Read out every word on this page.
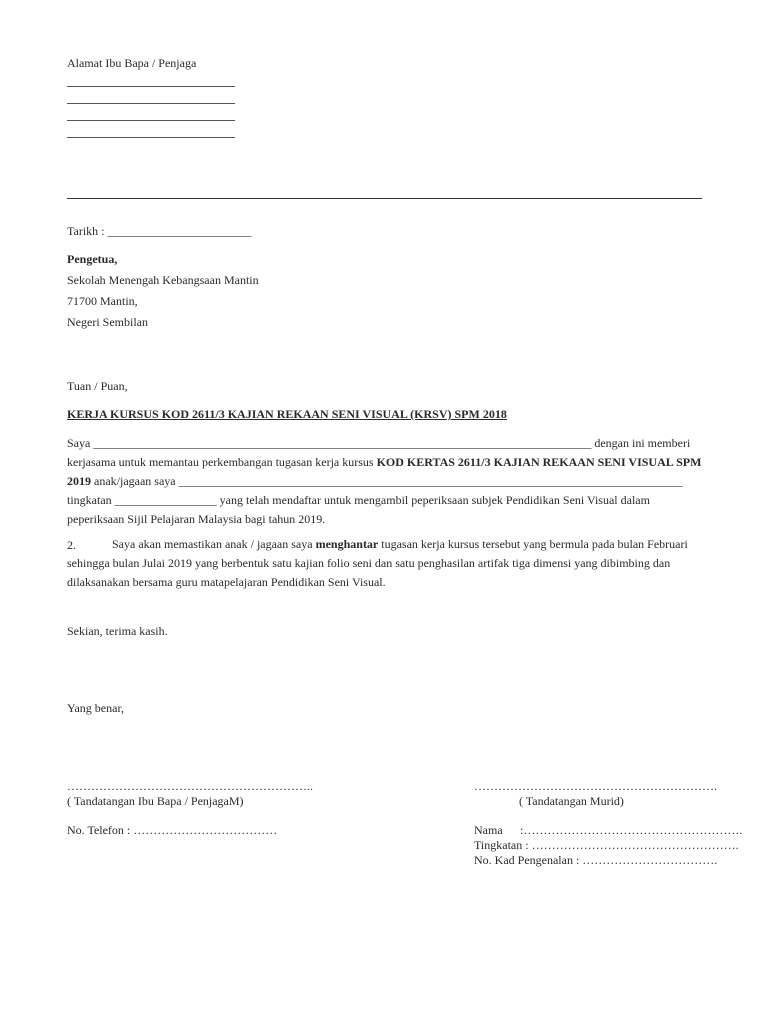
Alamat Ibu Bapa / Penjaga
Tarikh : ________________________
Pengetua,
Sekolah Menengah Kebangsaan Mantin
71700 Mantin,
Negeri Sembilan
Tuan / Puan,
KERJA KURSUS KOD 2611/3 KAJIAN REKAAN SENI VISUAL (KRSV) SPM 2018
Saya ___________________________________________________________________________________ dengan ini memberi kerjasama untuk memantau perkembangan tugasan kerja kursus KOD KERTAS 2611/3 KAJIAN REKAAN SENI VISUAL SPM 2019 anak/jagaan saya ____________________________________________________________________________________ tingkatan _________________ yang telah mendaftar untuk mengambil peperiksaan subjek Pendidikan Seni Visual dalam peperiksaan Sijil Pelajaran Malaysia bagi tahun 2019.
2.	Saya akan memastikan anak / jagaan saya menghantar tugasan kerja kursus tersebut yang bermula pada bulan Februari sehingga bulan Julai 2019 yang berbentuk satu kajian folio seni dan satu penghasilan artifak tiga dimensi yang dibimbing dan dilaksanakan bersama guru matapelajaran Pendidikan Seni Visual.
Sekian, terima kasih.
Yang benar,
……………………………………………………..
( Tandatangan Ibu Bapa / PenjagaM)
…………………………………………………….
( Tandatangan Murid)
No. Telefon : ………………………………	Nama :……………………………………………….
Tingkatan : …………………………………………….
No. Kad Pengenalan : …………………………….
